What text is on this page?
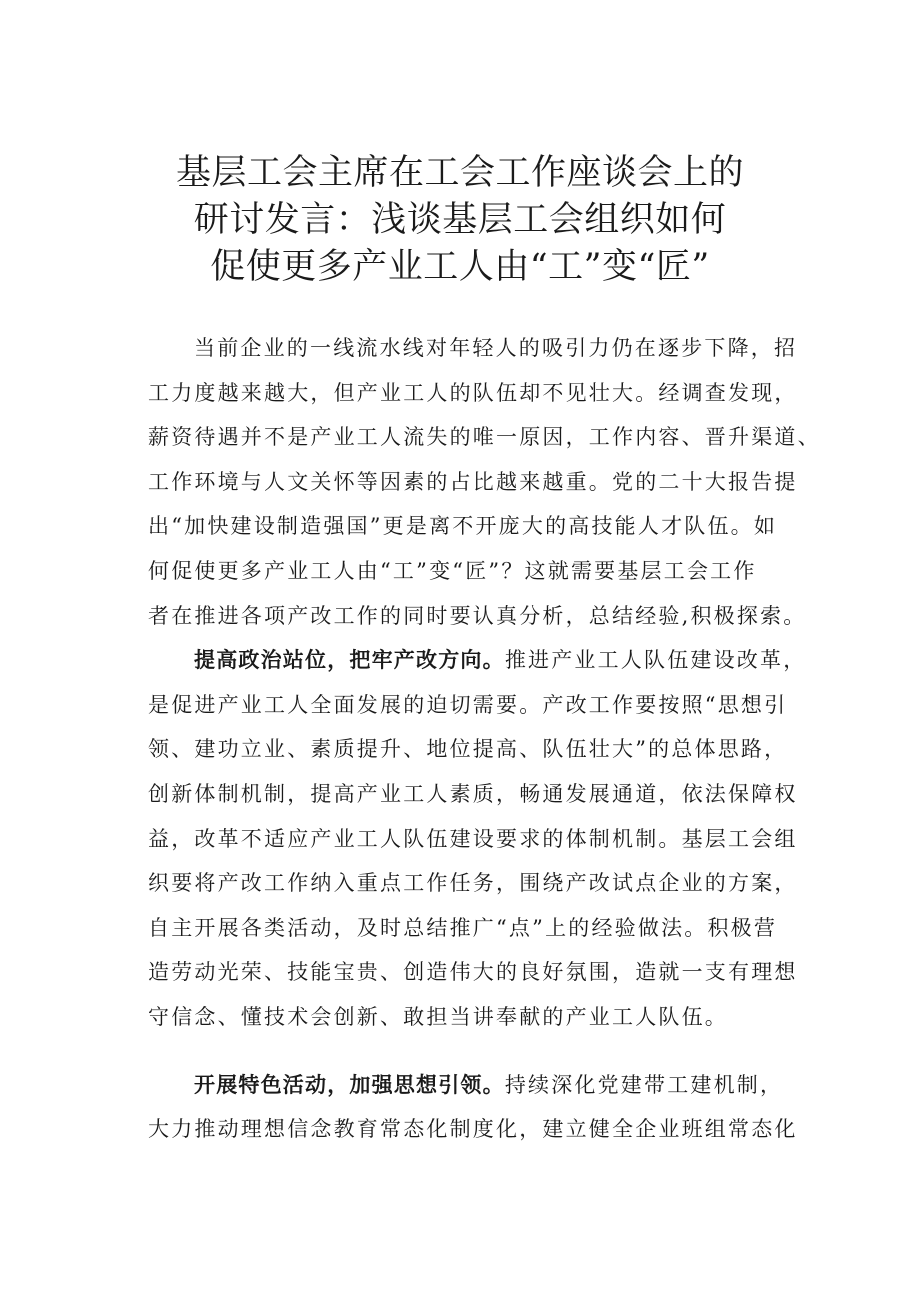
基层工会主席在工会工作座谈会上的
研讨发言：浅谈基层工会组织如何
促使更多产业工人由“工”变“匠”
当前企业的一线流水线对年轻人的吸引力仍在逐步下降，招
工力度越来越大，但产业工人的队伍却不见壮大。经调查发现，
薪资待遇并不是产业工人流失的唯一原因，工作内容、晋升渠道、
工作环境与人文关怀等因素的占比越来越重。党的二十大报告提
出“加快建设制造强国”更是离不开庞大的高技能人才队伍。如
何促使更多产业工人由“工”变“匠”？这就需要基层工会工作
者在推进各项产改工作的同时要认真分析，总结经验,积极探索。
提高政治站位，把牢产改方向。推进产业工人队伍建设改革，
是促进产业工人全面发展的迫切需要。产改工作要按照“思想引
领、建功立业、素质提升、地位提高、队伍壮大”的总体思路，
创新体制机制，提高产业工人素质，畅通发展通道，依法保障权
益，改革不适应产业工人队伍建设要求的体制机制。基层工会组
织要将产改工作纳入重点工作任务，围绕产改试点企业的方案，
自主开展各类活动，及时总结推广“点”上的经验做法。积极营
造劳动光荣、技能宝贵、创造伟大的良好氛围，造就一支有理想
守信念、懂技术会创新、敢担当讲奉献的产业工人队伍。
开展特色活动，加强思想引领。持续深化党建带工建机制，
大力推动理想信念教育常态化制度化，建立健全企业班组常态化
